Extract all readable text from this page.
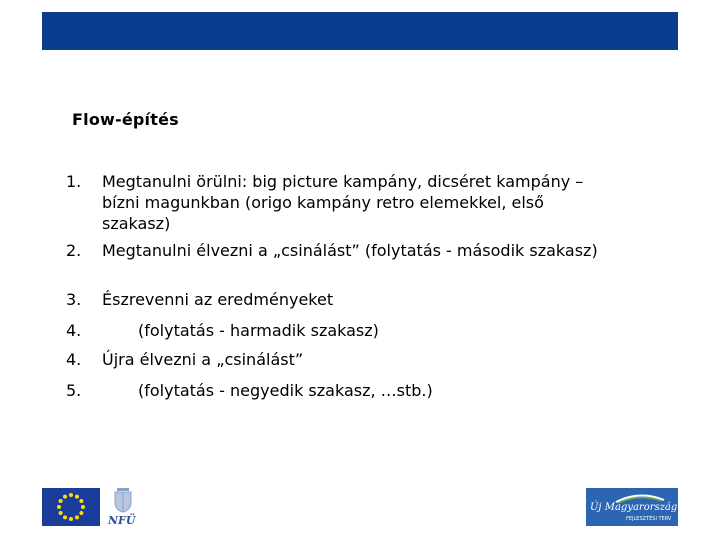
Flow-építés
1.	Megtanulni örülni: big picture kampány, dicséret kampány – bízni magunkban (origo kampány retro elemekkel, első szakasz)
2.	Megtanulni élvezni a „csinálást” (folytatás - második szakasz)
3.	Észrevenni az eredményeket
4.	(folytatás - harmadik szakasz)
4.	Újra élvezni a „csinálást”
5.	(folytatás - negyedik szakasz, …stb.)
NFÜ
Új Magyarország
FEJLESZTÉSI TERV
